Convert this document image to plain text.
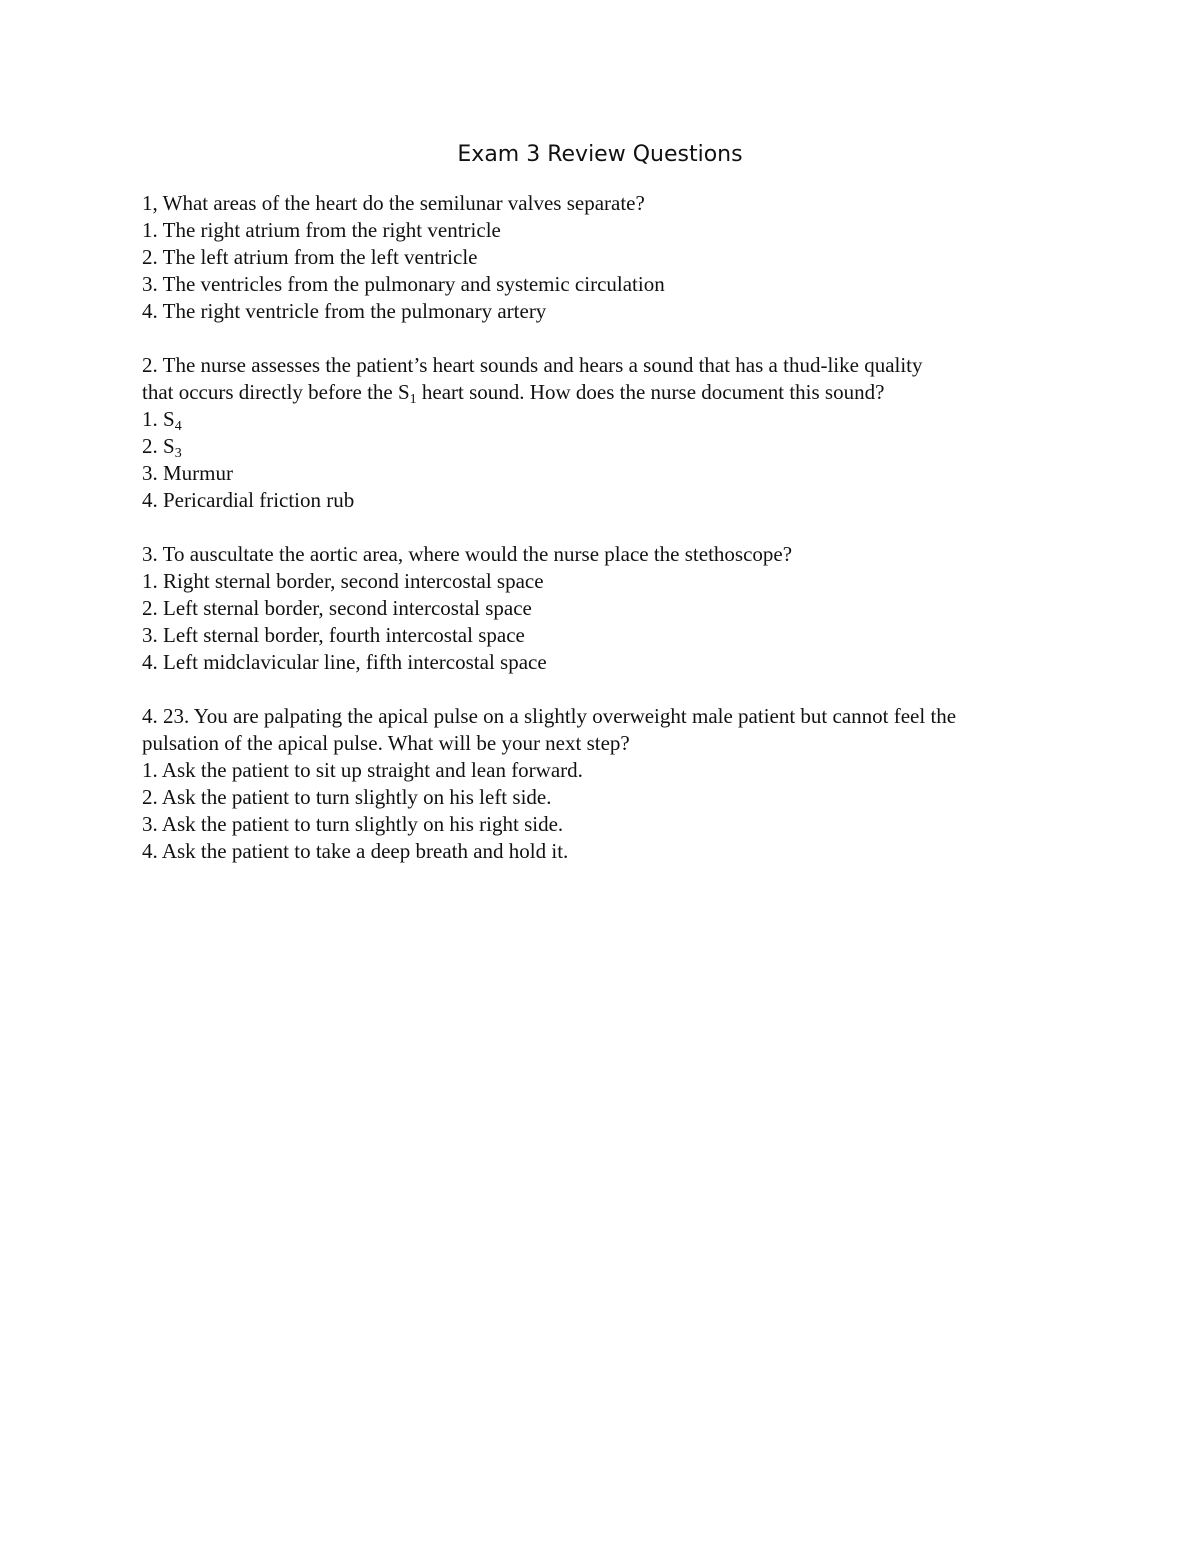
Exam 3 Review Questions
1, What areas of the heart do the semilunar valves separate?
1. The right atrium from the right ventricle
2. The left atrium from the left ventricle
3. The ventricles from the pulmonary and systemic circulation
4. The right ventricle from the pulmonary artery
2. The nurse assesses the patient’s heart sounds and hears a sound that has a thud-like quality
that occurs directly before the $S_1$ heart sound. How does the nurse document this sound?
1. $S_4$
2. $S_3$
3. Murmur
4. Pericardial friction rub
3. To auscultate the aortic area, where would the nurse place the stethoscope?
1. Right sternal border, second intercostal space
2. Left sternal border, second intercostal space
3. Left sternal border, fourth intercostal space
4. Left midclavicular line, fifth intercostal space
4. 23. You are palpating the apical pulse on a slightly overweight male patient but cannot feel the
pulsation of the apical pulse. What will be your next step?
1. Ask the patient to sit up straight and lean forward.
2. Ask the patient to turn slightly on his left side.
3. Ask the patient to turn slightly on his right side.
4. Ask the patient to take a deep breath and hold it.
